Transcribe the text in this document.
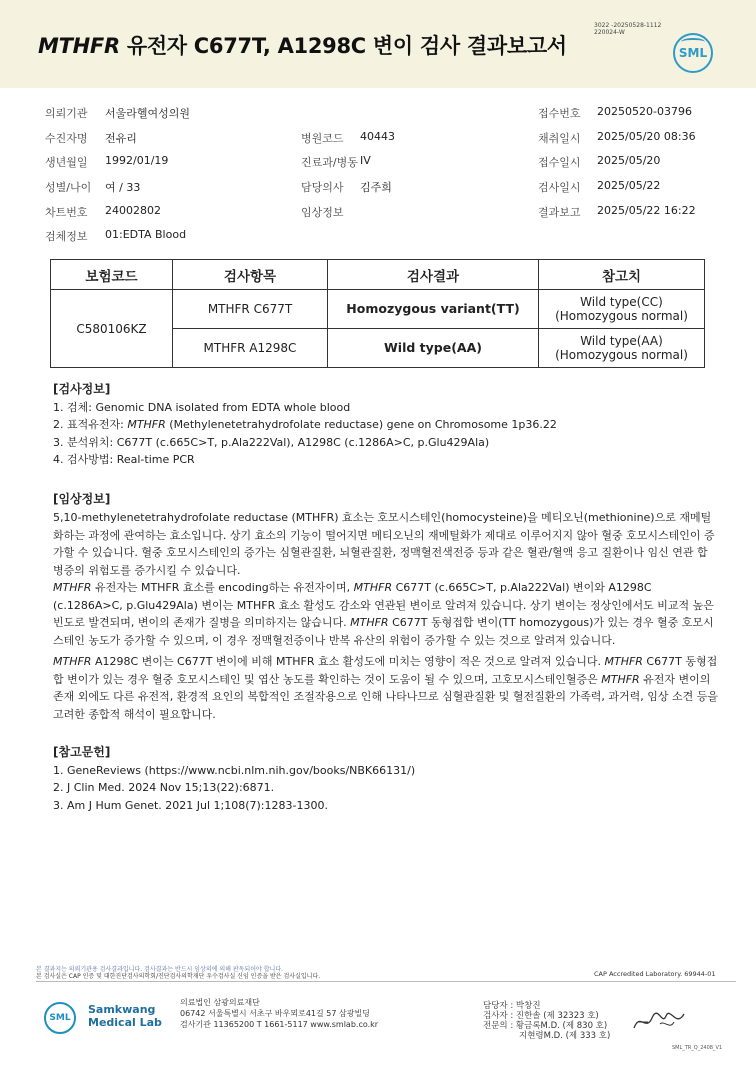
MTHFR 유전자 C677T, A1298C 변이 검사 결과보고서
3022 -20250528-1112
220024-W
SML
의뢰기관 서울라헬여성의원
수진자명 전유리
생년월일 1992/01/19
성별/나이 여 / 33
차트번호 24002802
검체정보 01:EDTA Blood
병원코드 40443
진료과/병동 IV
담당의사 김주희
임상정보
접수번호 20250520-03796
채취일시 2025/05/20 08:36
접수일시 2025/05/20
검사일시 2025/05/22
결과보고 2025/05/22 16:22
보험코드	검사항목	검사결과	참고치
C580106KZ	MTHFR C677T	Homozygous variant(TT)	Wild type(CC)
(Homozygous normal)

	MTHFR A1298C	Wild type(AA)	Wild type(AA)
(Homozygous normal)
[검사정보]
1. 검체: Genomic DNA isolated from EDTA whole blood
2. 표적유전자: MTHFR (Methylenetetrahydrofolate reductase) gene on Chromosome 1p36.22
3. 분석위치: C677T (c.665C>T, p.Ala222Val), A1298C (c.1286A>C, p.Glu429Ala)
4. 검사방법: Real-time PCR
[임상정보]
5,10-methylenetetrahydrofolate reductase (MTHFR) 효소는 호모시스테인(homocysteine)을 메티오닌(methionine)으로 재메틸화하는 과정에 관여하는 효소입니다. 상기 효소의 기능이 떨어지면 메티오닌의 재메틸화가 제대로 이루어지지 않아 혈중 호모시스테인이 증가할 수 있습니다. 혈중 호모시스테인의 증가는 심혈관질환, 뇌혈관질환, 정맥혈전색전증 등과 같은 혈관/혈액 응고 질환이나 임신 연관 합병증의 위험도를 증가시킬 수 있습니다.
MTHFR 유전자는 MTHFR 효소를 encoding하는 유전자이며, MTHFR C677T (c.665C>T, p.Ala222Val) 변이와 A1298C (c.1286A>C, p.Glu429Ala) 변이는 MTHFR 효소 활성도 감소와 연관된 변이로 알려져 있습니다. 상기 변이는 정상인에서도 비교적 높은 빈도로 발견되며, 변이의 존재가 질병을 의미하지는 않습니다. MTHFR C677T 동형접합 변이(TT homozygous)가 있는 경우 혈중 호모시스테인 농도가 증가할 수 있으며, 이 경우 정맥혈전증이나 반복 유산의 위험이 증가할 수 있는 것으로 알려져 있습니다.
MTHFR A1298C 변이는 C677T 변이에 비해 MTHFR 효소 활성도에 미치는 영향이 적은 것으로 알려져 있습니다. MTHFR C677T 동형접합 변이가 있는 경우 혈중 호모시스테인 및 엽산 농도를 확인하는 것이 도움이 될 수 있으며, 고호모시스테인혈증은 MTHFR 유전자 변이의 존재 외에도 다른 유전적, 환경적 요인의 복합적인 조절작용으로 인해 나타나므로 심혈관질환 및 혈전질환의 가족력, 과거력, 임상 소견 등을 고려한 종합적 해석이 필요합니다.
[참고문헌]
1. GeneReviews (https://www.ncbi.nlm.nih.gov/books/NBK66131/)
2. J Clin Med. 2024 Nov 15;13(22):6871.
3. Am J Hum Genet. 2021 Jul 1;108(7):1283-1300.
본 결과지는 의뢰기관용 검사결과입니다. 검사결과는 반드시 임상의에 의해 판독되어야 합니다.
본 검사실은 CAP 인증 및 대한진단검사의학회/진단검사의학재단 우수검사실 신임 인증을 받은 검사실입니다.	CAP Accredited Laboratory. 69944-01
SML
Samkwang
Medical Lab
의료법인 삼광의료재단
06742 서울특별시 서초구 바우뫼로41길 57 삼광빌딩
검사기관 11365200 T 1661-5117 www.smlab.co.kr
담당자 : 박창진
검사자 : 진한솔 (제 32323 호)
전문의 : 황금록M.D. (제 830 호)
지현령M.D. (제 333 호)
SML_TR_Q_2408_V1
